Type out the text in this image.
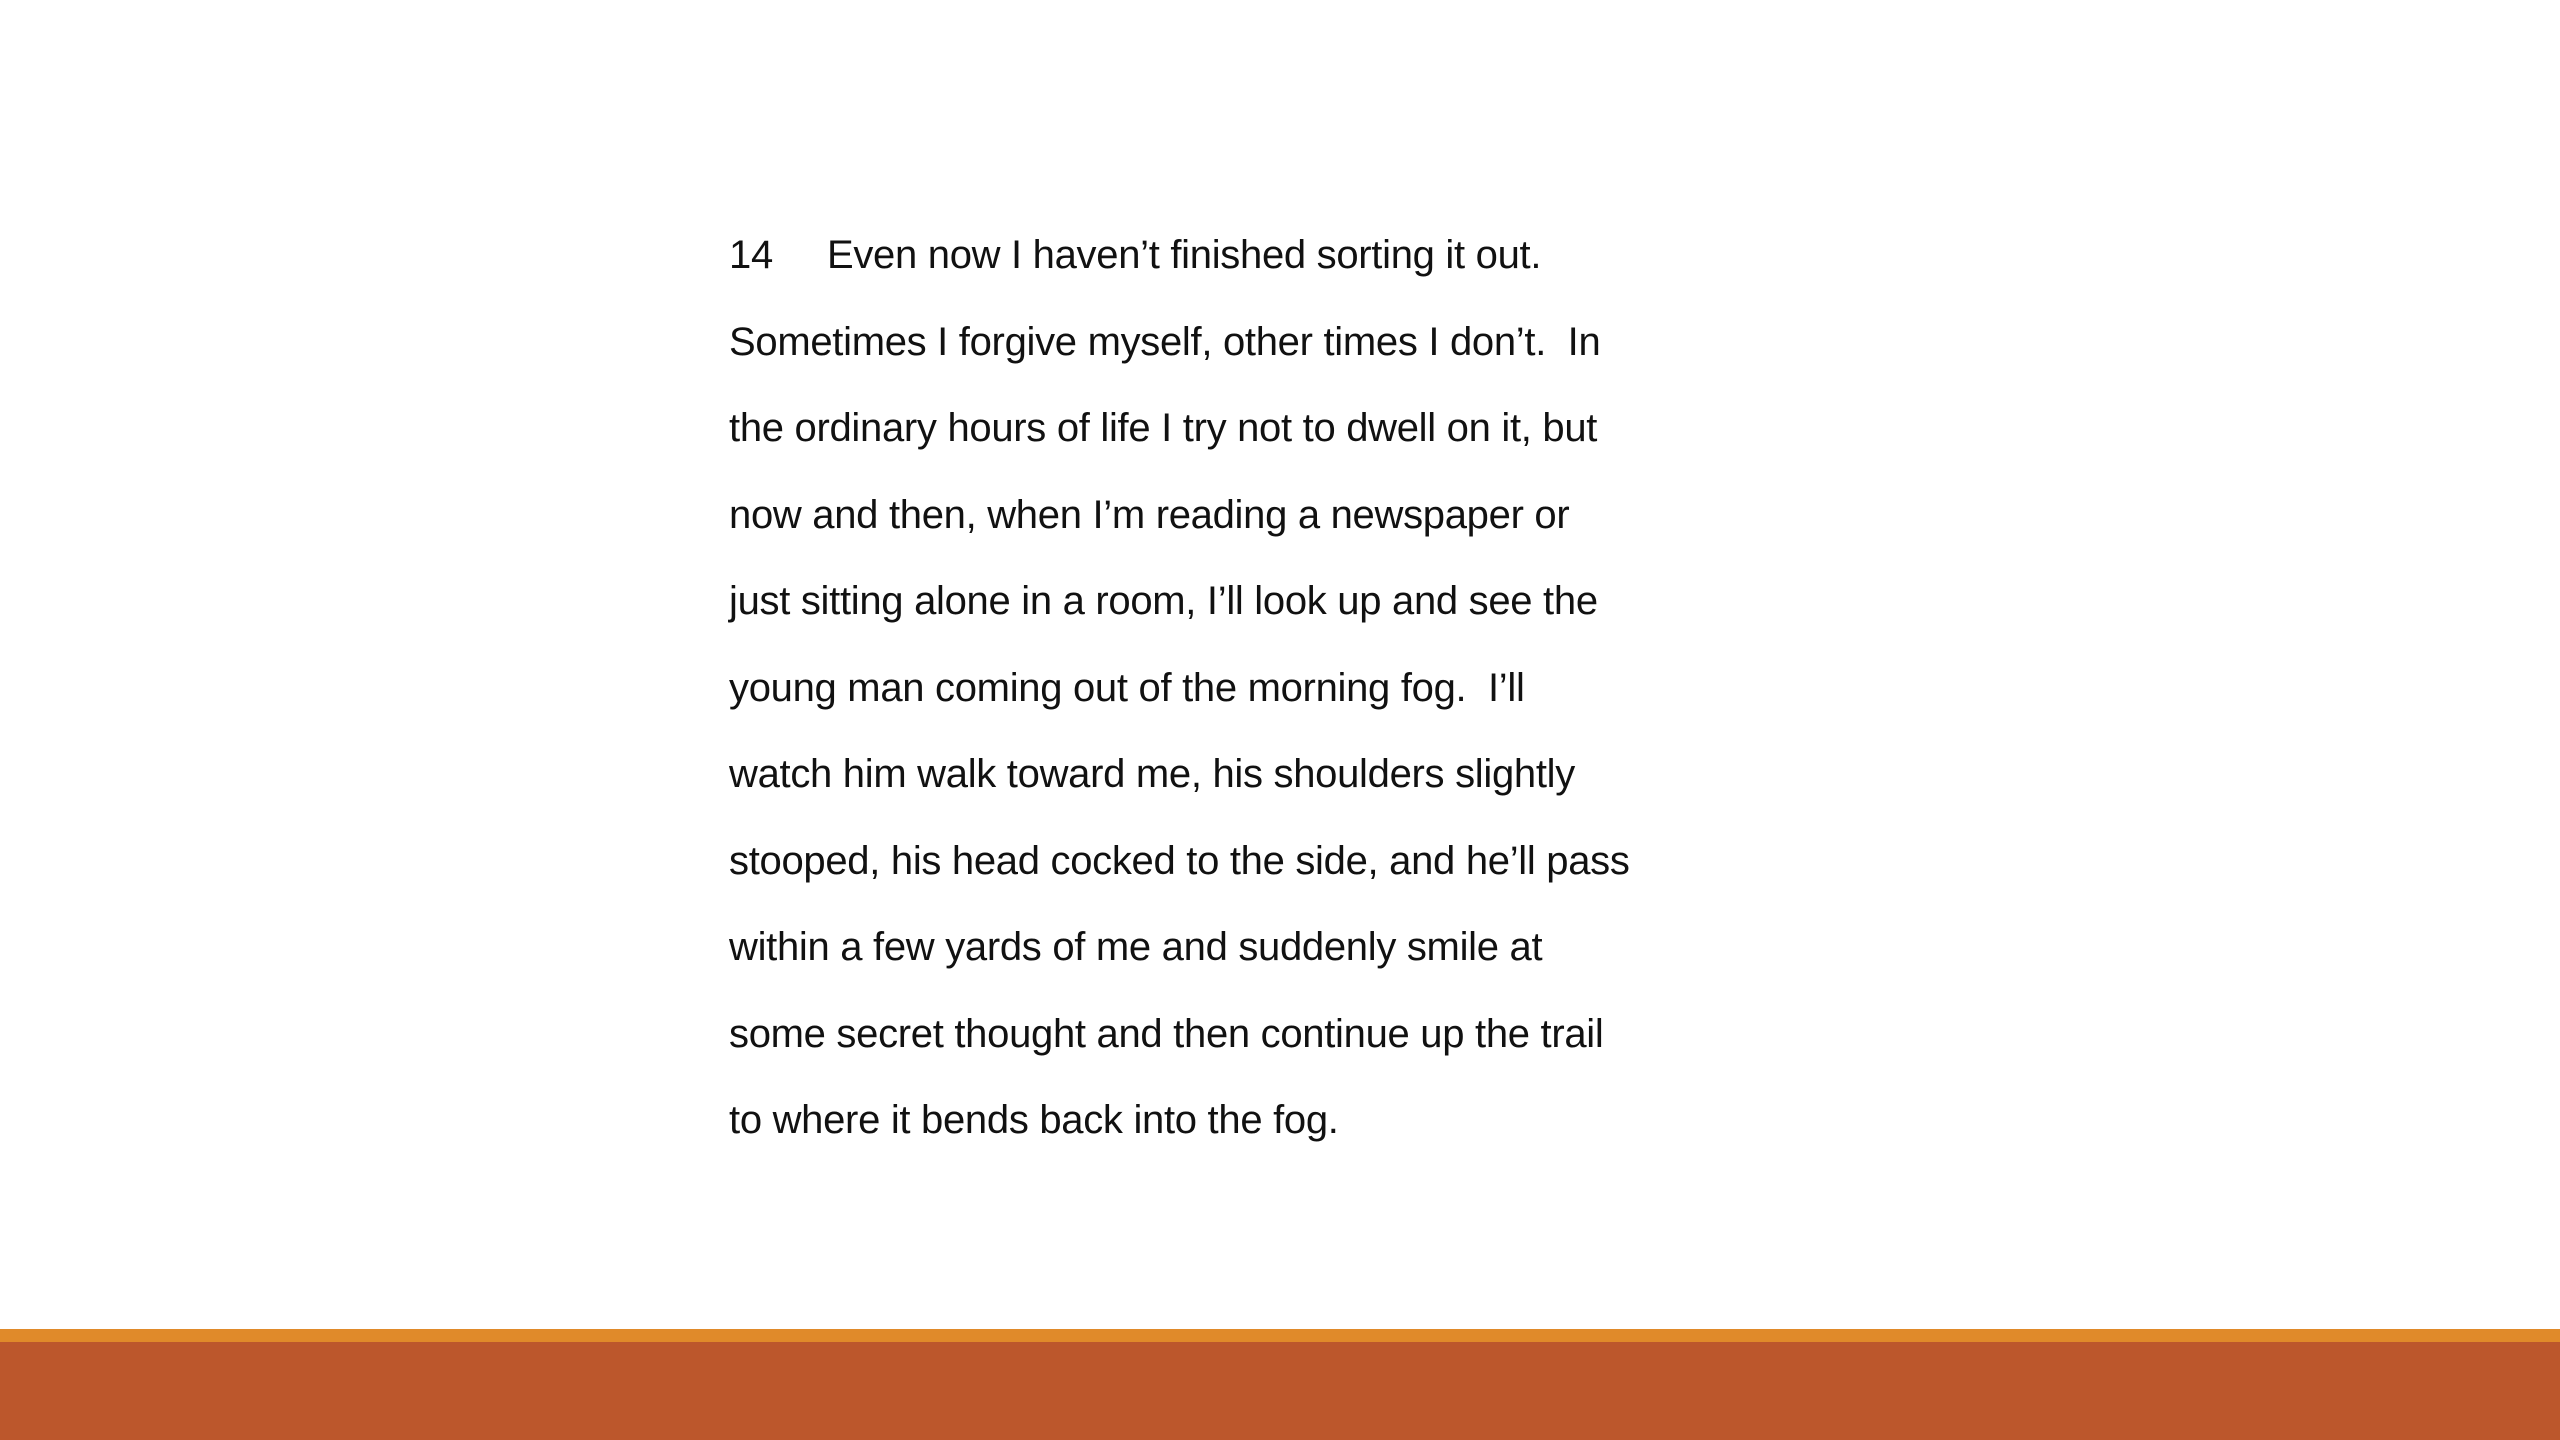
14     Even now I haven’t finished sorting it out.
Sometimes I forgive myself, other times I don’t.  In
the ordinary hours of life I try not to dwell on it, but
now and then, when I’m reading a newspaper or
just sitting alone in a room, I’ll look up and see the
young man coming out of the morning fog.  I’ll
watch him walk toward me, his shoulders slightly
stooped, his head cocked to the side, and he’ll pass
within a few yards of me and suddenly smile at
some secret thought and then continue up the trail
to where it bends back into the fog.
